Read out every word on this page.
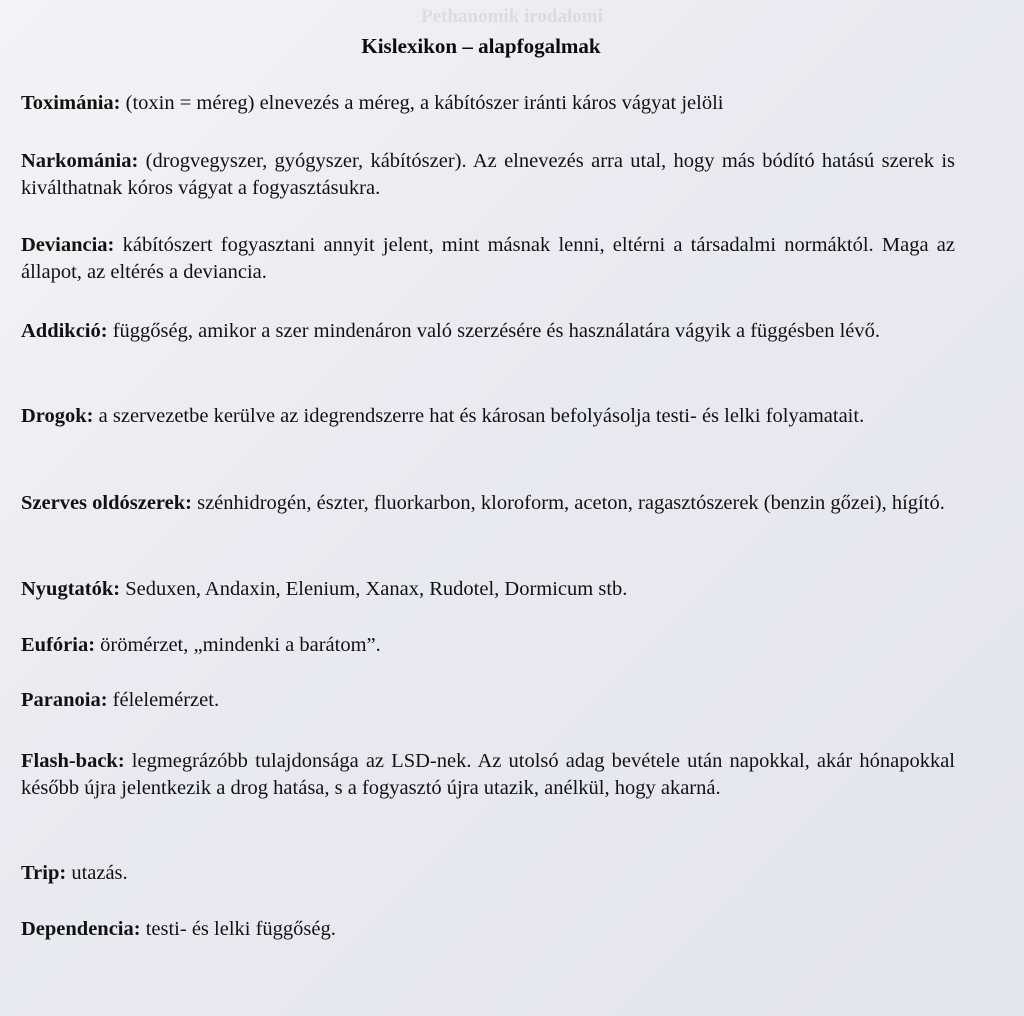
Pethanomik irodalomi
Kislexikon – alapfogalmak

Toximánia: (toxin = méreg) elnevezés a méreg, a kábítószer iránti káros vágyat jelöli

Narkománia: (drogvegyszer, gyógyszer, kábítószer). Az elnevezés arra utal, hogy más bódító hatású szerek is kiválthatnak kóros vágyat a fogyasztásukra.

Deviancia: kábítószert fogyasztani annyit jelent, mint másnak lenni, eltérni a társadalmi normáktól. Maga az állapot, az eltérés a deviancia.

Addikció: függőség, amikor a szer mindenáron való szerzésére és használatára vágyik a függésben lévő.

Drogok: a szervezetbe kerülve az idegrendszerre hat és károsan befolyásolja testi- és lelki folyamatait.

Szerves oldószerek: szénhidrogén, észter, fluorkarbon, kloroform, aceton, ragasztószerek (benzin gőzei), hígító.

Nyugtatók: Seduxen, Andaxin, Elenium, Xanax, Rudotel, Dormicum stb.

Eufória: örömérzet, „mindenki a barátom”.

Paranoia: félelemérzet.

Flash-back: legmegrázóbb tulajdonsága az LSD-nek. Az utolsó adag bevétele után napokkal, akár hónapokkal később újra jelentkezik a drog hatása, s a fogyasztó újra utazik, anélkül, hogy akarná.

Trip: utazás.

Dependencia: testi- és lelki függőség.
